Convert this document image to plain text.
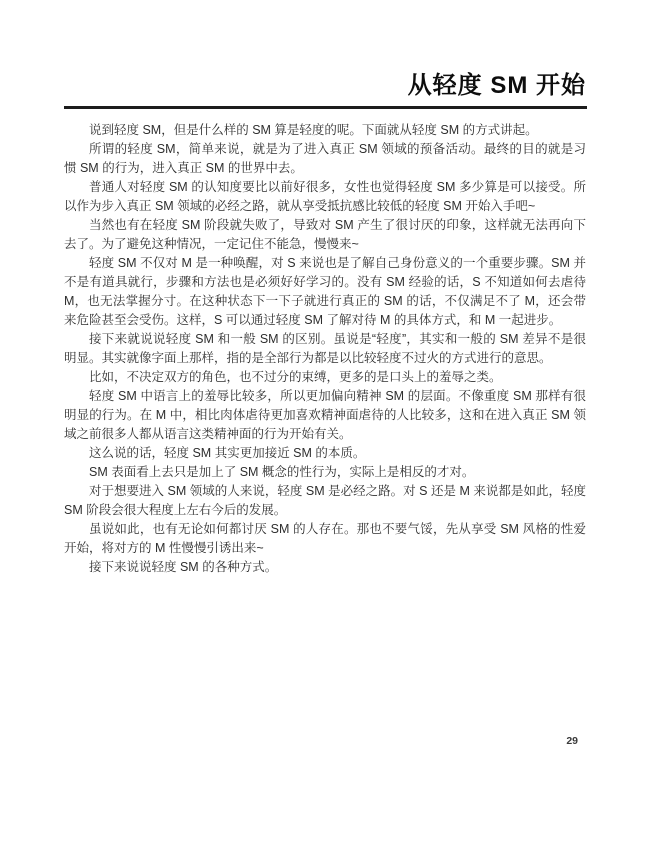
从轻度 SM 开始

说到轻度 SM，但是什么样的 SM 算是轻度的呢。下面就从轻度 SM 的方式讲起。

所谓的轻度 SM，简单来说，就是为了进入真正 SM 领域的预备活动。最终的目的就是习惯 SM 的行为，进入真正 SM 的世界中去。

普通人对轻度 SM 的认知度要比以前好很多，女性也觉得轻度 SM 多少算是可以接受。所以作为步入真正 SM 领域的必经之路，就从享受抵抗感比较低的轻度 SM 开始入手吧~

当然也有在轻度 SM 阶段就失败了，导致对 SM 产生了很讨厌的印象，这样就无法再向下去了。为了避免这种情况，一定记住不能急，慢慢来~

轻度 SM 不仅对 M 是一种唤醒，对 S 来说也是了解自己身份意义的一个重要步骤。SM 并不是有道具就行，步骤和方法也是必须好好学习的。没有 SM 经验的话，S 不知道如何去虐待 M，也无法掌握分寸。在这种状态下一下子就进行真正的 SM 的话，不仅满足不了 M，还会带来危险甚至会受伤。这样，S 可以通过轻度 SM 了解对待 M 的具体方式，和 M 一起进步。

接下来就说说轻度 SM 和一般 SM 的区别。虽说是“轻度”，其实和一般的 SM 差异不是很明显。其实就像字面上那样，指的是全部行为都是以比较轻度不过火的方式进行的意思。

比如，不决定双方的角色，也不过分的束缚，更多的是口头上的羞辱之类。

轻度 SM 中语言上的羞辱比较多，所以更加偏向精神 SM 的层面。不像重度 SM 那样有很明显的行为。在 M 中，相比肉体虐待更加喜欢精神面虐待的人比较多，这和在进入真正 SM 领域之前很多人都从语言这类精神面的行为开始有关。

这么说的话，轻度 SM 其实更加接近 SM 的本质。

SM 表面看上去只是加上了 SM 概念的性行为，实际上是相反的才对。

对于想要进入 SM 领域的人来说，轻度 SM 是必经之路。对 S 还是 M 来说都是如此，轻度 SM 阶段会很大程度上左右今后的发展。

虽说如此，也有无论如何都讨厌 SM 的人存在。那也不要气馁，先从享受 SM 风格的性爱开始，将对方的 M 性慢慢引诱出来~

接下来说说轻度 SM 的各种方式。

29
